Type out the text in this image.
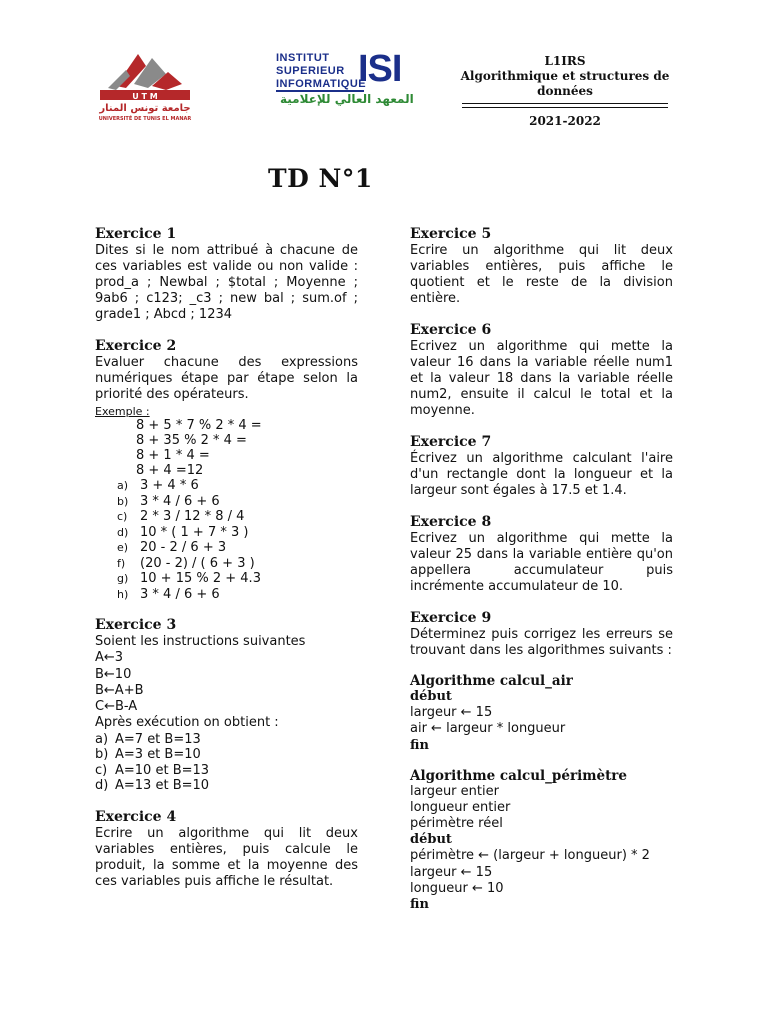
U T M
جامعة تونس المنار
UNIVERSITÉ DE TUNIS EL MANAR
INSTITUT
SUPERIEUR
INFORMATIQUE
ISI
المعهد العالي للإعلامية
L1IRS
Algorithmique et structures de données
2021-2022
TD N°1
Exercice 1
Dites si le nom attribué à chacune de ces variables est valide ou non valide : prod_a ; Newbal ; $total ; Moyenne ; 9ab6 ; c123; _c3 ; new bal ; sum.of ; grade1 ; Abcd ; 1234
Exercice 2
Evaluer chacune des expressions numériques étape par étape selon la priorité des opérateurs.
Exemple :
8 + 5 * 7 % 2 * 4 =
8 + 35 % 2 * 4 =
8 + 1 * 4 =
8 + 4 =12
a) 3 + 4 * 6
b) 3 * 4 / 6 + 6
c) 2 * 3 / 12 * 8 / 4
d) 10 * ( 1 + 7 * 3 )
e) 20 - 2 / 6 + 3
f)	(20 - 2) / ( 6 + 3 )
g) 10 + 15 % 2 + 4.3
h) 3 * 4 / 6 + 6
Exercice 3
Soient les instructions suivantes
A←3
B←10
B←A+B
C←B-A
Après exécution on obtient :
a) A=7 et B=13
b) A=3 et B=10
c) A=10 et B=13
d) A=13 et B=10
Exercice 4
Ecrire un algorithme qui lit deux variables entières, puis calcule le produit, la somme et la moyenne des ces variables puis affiche le résultat.
Exercice 5
Ecrire un algorithme qui lit deux variables entières, puis affiche le quotient et le reste de la division entière.
Exercice 6
Ecrivez un algorithme qui mette la valeur 16 dans la variable réelle num1 et la valeur 18 dans la variable réelle num2, ensuite il calcul le total et la moyenne.
Exercice 7
Écrivez un algorithme calculant l'aire d'un rectangle dont la longueur et la largeur sont égales à 17.5 et 1.4.
Exercice 8
Ecrivez un algorithme qui mette la valeur 25 dans la variable entière qu'on appellera accumulateur puis incrémente accumulateur de 10.
Exercice 9
Déterminez puis corrigez les erreurs se trouvant dans les algorithmes suivants :
Algorithme calcul_air
début
largeur ← 15
air ← largeur * longueur
fin
Algorithme calcul_périmètre
largeur entier
longueur entier
périmètre réel
début
périmètre ← (largeur + longueur) * 2
largeur ← 15
longueur ← 10
fin
